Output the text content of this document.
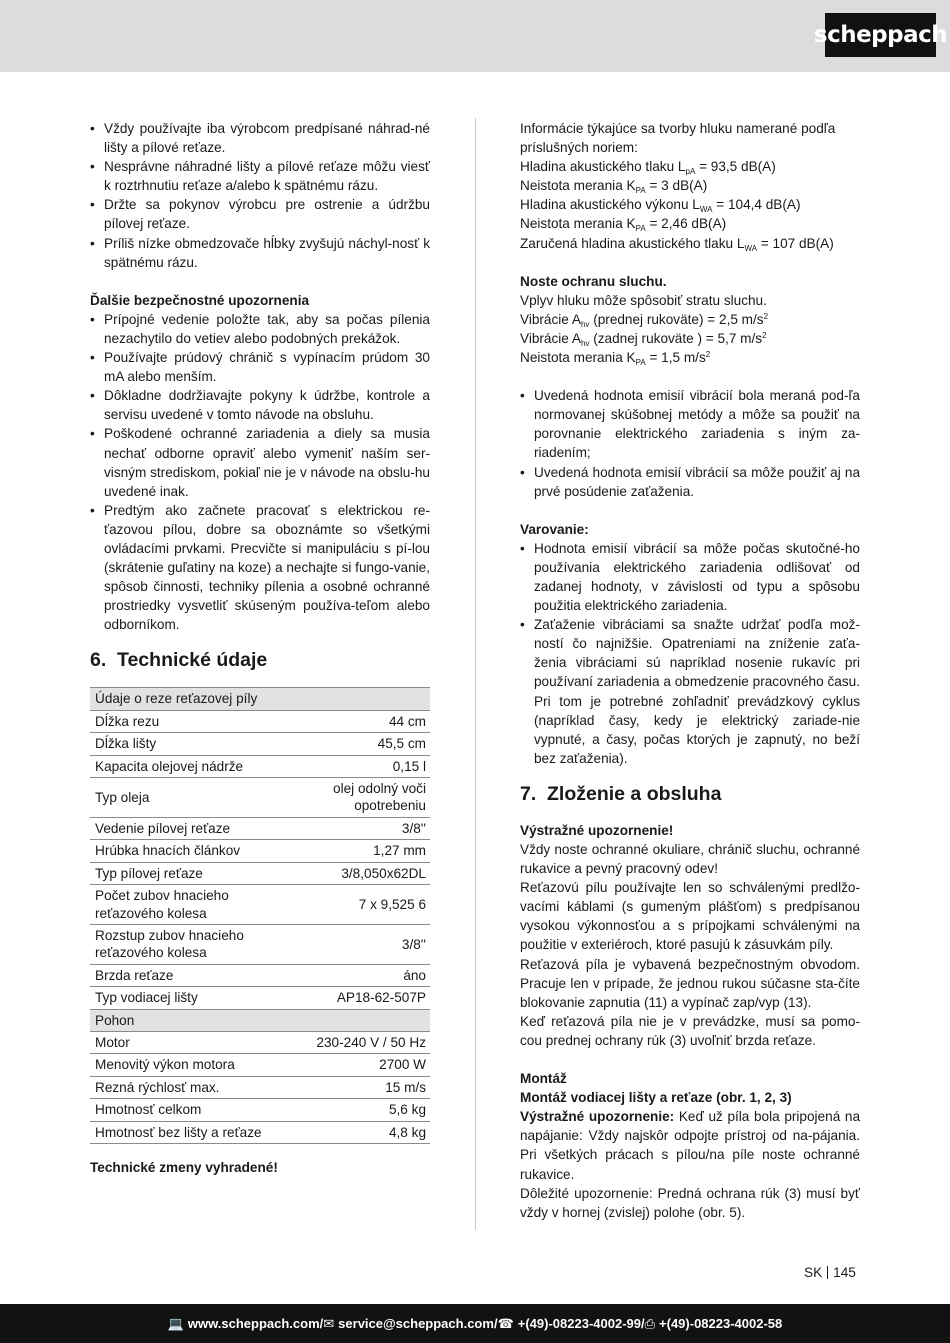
scheppach
• Vždy používajte iba výrobcom predpísané náhrad-né lišty a pílové reťaze.
• Nesprávne náhradné lišty a pílové reťaze môžu viesť k roztrhnutiu reťaze a/alebo k spätnému rázu.
• Držte sa pokynov výrobcu pre ostrenie a údržbu pílovej reťaze.
• Príliš nízke obmedzovače hĺbky zvyšujú náchyl-nosť k spätnému rázu.
Ďalšie bezpečnostné upozornenia
• Prípojné vedenie položte tak, aby sa počas pílenia nezachytilo do vetiev alebo podobných prekážok.
• Používajte prúdový chránič s vypínacím prúdom 30 mA alebo menším.
• Dôkladne dodržiavajte pokyny k údržbe, kontrole a servisu uvedené v tomto návode na obsluhu.
• Poškodené ochranné zariadenia a diely sa musia nechať odborne opraviť alebo vymeniť naším ser-visným strediskom, pokiaľ nie je v návode na obslu-hu uvedené inak.
• Predtým ako začnete pracovať s elektrickou re-ťazovou pílou, dobre sa oboznámte so všetkými ovládacími prvkami. Precvičte si manipuláciu s pí-lou (skrátenie guľatiny na koze) a nechajte si fungo-vanie, spôsob činnosti, techniky pílenia a osobné ochranné prostriedky vysvetliť skúseným používa-teľom alebo odborníkom.
6. Technické údaje
Údaje o reze reťazovej píly	
Dĺžka rezu	44 cm
Dĺžka lišty	45,5 cm
Kapacita olejovej nádrže	0,15 l
Typ oleja	olej odolný voči opotrebeniu
Vedenie pílovej reťaze	3/8''
Hrúbka hnacích článkov	1,27 mm
Typ pílovej reťaze	3/8,050x62DL
Počet zubov hnacieho reťazového kolesa	7 x 9,525 6
Rozstup zubov hnacieho reťazového kolesa	3/8''
Brzda reťaze	áno
Typ vodiacej lišty	AP18-62-507P
Pohon	
Motor	230-240 V / 50 Hz
Menovitý výkon motora	2700 W
Rezná rýchlosť max.	15 m/s
Hmotnosť celkom	5,6 kg
Hmotnosť bez lišty a reťaze	4,8 kg
Technické zmeny vyhradené!
Informácie týkajúce sa tvorby hluku namerané podľa príslušných noriem:
Hladina akustického tlaku $L_{pA} = 93,5$ dB(A)
Neistota merania $K_{PA} = 3$ dB(A)
Hladina akustického výkonu $L_{WA} = 104,4$ dB(A)
Neistota merania $K_{PA} = 2,46$ dB(A)
Zaručená hladina akustického tlaku $L_{WA} = 107$ dB(A)
Noste ochranu sluchu.
Vplyv hluku môže spôsobiť stratu sluchu.
Vibrácie $A_{hv}$ (prednej rukoväte) = 2,5 $m/s^2$
Vibrácie $A_{hv}$ (zadnej rukoväte ) = 5,7 $m/s^2$
Neistota merania $K_{PA} = 1,5$ $m/s^2$
• Uvedená hodnota emisií vibrácií bola meraná pod-ľa normovanej skúšobnej metódy a môže sa použiť na porovnanie elektrického zariadenia s iným za-riadením;
• Uvedená hodnota emisií vibrácií sa môže použiť aj na prvé posúdenie zaťaženia.
Varovanie:
• Hodnota emisií vibrácií sa môže počas skutočné-ho používania elektrického zariadenia odlišovať od zadanej hodnoty, v závislosti od typu a spôsobu použitia elektrického zariadenia.
• Zaťaženie vibráciami sa snažte udržať podľa mož-ností čo najnižšie. Opatreniami na zníženie zaťa-ženia vibráciami sú napríklad nosenie rukavíc pri používaní zariadenia a obmedzenie pracovného času. Pri tom je potrebné zohľadniť prevádzkový cyklus (napríklad časy, kedy je elektrický zariade-nie vypnuté, a časy, počas ktorých je zapnutý, no beží bez zaťaženia).
7. Zloženie a obsluha
Výstražné upozornenie!
Vždy noste ochranné okuliare, chránič sluchu, ochranné rukavice a pevný pracovný odev!
Reťazovú pílu používajte len so schválenými predlžo-vacími káblami (s gumeným plášťom) s predpísanou vysokou výkonnosťou a s prípojkami schválenými na použitie v exteriéroch, ktoré pasujú k zásuvkám píly.
Reťazová píla je vybavená bezpečnostným obvodom. Pracuje len v prípade, že jednou rukou súčasne sta-číte blokovanie zapnutia (11) a vypínač zap/vyp (13).
Keď reťazová píla nie je v prevádzke, musí sa pomo-cou prednej ochrany rúk (3) uvoľniť brzda reťaze.
Montáž
Montáž vodiacej lišty a reťaze (obr. 1, 2, 3)
Výstražné upozornenie: Keď už píla bola pripojená na napájanie: Vždy najskôr odpojte prístroj od na-pájania. Pri všetkých prácach s pílou/na píle noste ochranné rukavice.
Dôležité upozornenie: Predná ochrana rúk (3) musí byť vždy v hornej (zvislej) polohe (obr. 5).
SK 145
💻 www.scheppach.com / ✉ service@scheppach.com / ☎ +(49)-08223-4002-99 / ⎙ +(49)-08223-4002-58
